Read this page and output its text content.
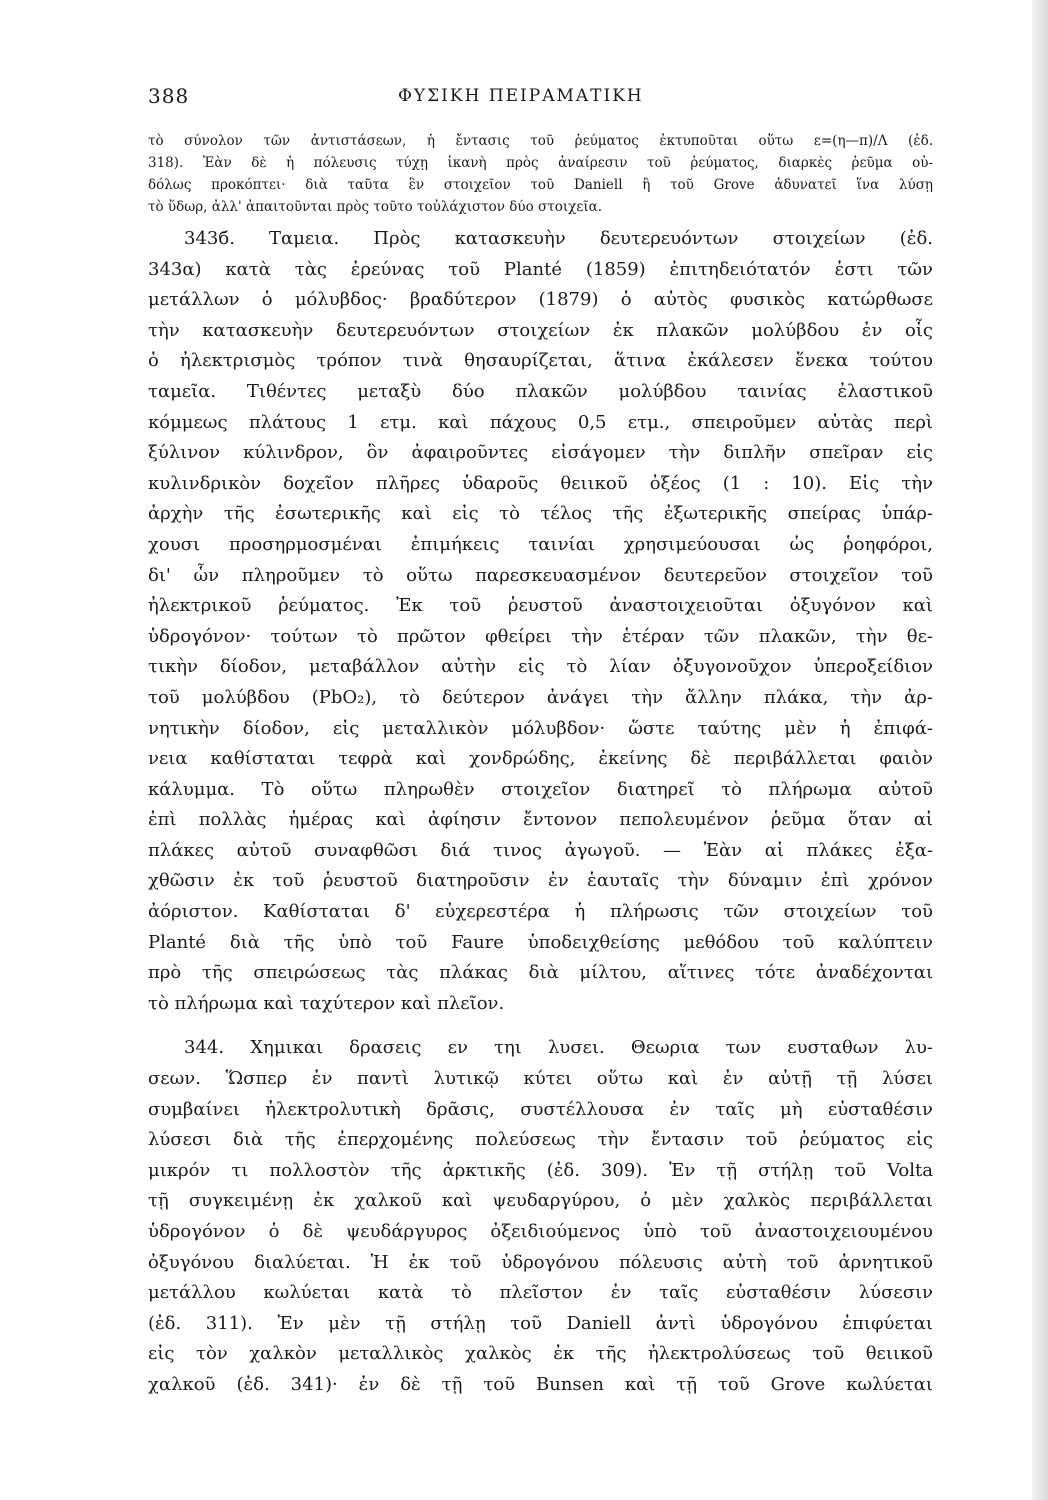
388	ΦΥΣΙΚΗ ΠΕΙΡΑΜΑΤΙΚΗ
τὸ σύνολον τῶν ἀντιστάσεων, ἡ ἔντασις τοῦ ῥεύματος ἐκτυποῦται οὕτω ε=(η—π)/Λ (ἐδ.
318). Ἐὰν δὲ ἡ πόλευσις τύχῃ ἱκανὴ πρὸς ἀναίρεσιν τοῦ ῥεύματος, διαρκὲς ῥεῦμα οὐ-
δόλως προκόπτει· διὰ ταῦτα ἓν στοιχεῖον τοῦ Daniell ἢ τοῦ Grove ἀδυνατεῖ ἵνα λύσῃ
τὸ ὕδωρ, ἀλλ' ἀπαιτοῦνται πρὸς τοῦτο τοὐλάχιστον δύο στοιχεῖα.
343б. Ταμεια. Πρὸς κατασκευὴν δευτερευόντων στοιχείων (ἐδ.
343α) κατὰ τὰς ἐρεύνας τοῦ Planté (1859) ἐπιτηδειότατόν ἐστι τῶν
μετάλλων ὁ μόλυβδος· βραδύτερον (1879) ὁ αὐτὸς φυσικὸς κατώρθωσε
τὴν κατασκευὴν δευτερευόντων στοιχείων ἐκ πλακῶν μολύβδου ἐν οἷς
ὁ ἠλεκτρισμὸς τρόπον τινὰ θησαυρίζεται, ἅτινα ἐκάλεσεν ἕνεκα τούτου
ταμεῖα. Τιθέντες μεταξὺ δύο πλακῶν μολύβδου ταινίας ἐλαστικοῦ
κόμμεως πλάτους 1 ετμ. καὶ πάχους 0,5 ετμ., σπειροῦμεν αὐτὰς περὶ
ξύλινον κύλινδρον, ὃν ἀφαιροῦντες εἰσάγομεν τὴν διπλῆν σπεῖραν εἰς
κυλινδρικὸν δοχεῖον πλῆρες ὑδαροῦς θειικοῦ ὀξέος (1 : 10). Εἰς τὴν
ἀρχὴν τῆς ἐσωτερικῆς καὶ εἰς τὸ τέλος τῆς ἐξωτερικῆς σπείρας ὑπάρ-
χουσι προσηρμοσμέναι ἐπιμήκεις ταινίαι χρησιμεύουσαι ὡς ῥοηφόροι,
δι' ὧν πληροῦμεν τὸ οὕτω παρεσκευασμένον δευτερεῦον στοιχεῖον τοῦ
ἠλεκτρικοῦ ῥεύματος. Ἐκ τοῦ ῥευστοῦ ἀναστοιχειοῦται ὀξυγόνον καὶ
ὑδρογόνον· τούτων τὸ πρῶτον φθείρει τὴν ἑτέραν τῶν πλακῶν, τὴν θε-
τικὴν δίοδον, μεταβάλλον αὐτὴν εἰς τὸ λίαν ὀξυγονοῦχον ὑπεροξείδιον
τοῦ μολύβδου (PbO₂), τὸ δεύτερον ἀνάγει τὴν ἄλλην πλάκα, τὴν ἀρ-
νητικὴν δίοδον, εἰς μεταλλικὸν μόλυβδον· ὥστε ταύτης μὲν ἡ ἐπιφά-
νεια καθίσταται τεφρὰ καὶ χονδρώδης, ἐκείνης δὲ περιβάλλεται φαιὸν
κάλυμμα. Τὸ οὕτω πληρωθὲν στοιχεῖον διατηρεῖ τὸ πλήρωμα αὐτοῦ
ἐπὶ πολλὰς ἡμέρας καὶ ἀφίησιν ἔντονον πεπολευμένον ῥεῦμα ὅταν αἱ
πλάκες αὐτοῦ συναφθῶσι διά τινος ἀγωγοῦ. — Ἐὰν αἱ πλάκες ἐξα-
χθῶσιν ἐκ τοῦ ῥευστοῦ διατηροῦσιν ἐν ἑαυταῖς τὴν δύναμιν ἐπὶ χρόνον
ἀόριστον. Καθίσταται δ' εὐχερεστέρα ἡ πλήρωσις τῶν στοιχείων τοῦ
Planté διὰ τῆς ὑπὸ τοῦ Faure ὑποδειχθείσης μεθόδου τοῦ καλύπτειν
πρὸ τῆς σπειρώσεως τὰς πλάκας διὰ μίλτου, αἵτινες τότε ἀναδέχονται
τὸ πλήρωμα καὶ ταχύτερον καὶ πλεῖον.
344. Χημικαι δρασεις εν τηι λυσει. Θεωρια των ευσταθων λυ-
σεων. Ὥσπερ ἐν παντὶ λυτικῷ κύτει οὕτω καὶ ἐν αὐτῇ τῇ λύσει
συμβαίνει ἠλεκτρολυτικὴ δρᾶσις, συστέλλουσα ἐν ταῖς μὴ εὐσταθέσιν
λύσεσι διὰ τῆς ἐπερχομένης πολεύσεως τὴν ἔντασιν τοῦ ῥεύματος εἰς
μικρόν τι πολλοστὸν τῆς ἀρκτικῆς (ἐδ. 309). Ἐν τῇ στήλῃ τοῦ Volta
τῇ συγκειμένῃ ἐκ χαλκοῦ καὶ ψευδαργύρου, ὁ μὲν χαλκὸς περιβάλλεται
ὑδρογόνον ὁ δὲ ψευδάργυρος ὀξειδιούμενος ὑπὸ τοῦ ἀναστοιχειουμένου
ὀξυγόνου διαλύεται. Ἡ ἐκ τοῦ ὑδρογόνου πόλευσις αὐτὴ τοῦ ἀρνητικοῦ
μετάλλου κωλύεται κατὰ τὸ πλεῖστον ἐν ταῖς εὐσταθέσιν λύσεσιν
(ἐδ. 311). Ἐν μὲν τῇ στήλῃ τοῦ Daniell ἀντὶ ὑδρογόνου ἐπιφύεται
εἰς τὸν χαλκὸν μεταλλικὸς χαλκὸς ἐκ τῆς ἠλεκτρολύσεως τοῦ θειικοῦ
χαλκοῦ (ἐδ. 341)· ἐν δὲ τῇ τοῦ Bunsen καὶ τῇ τοῦ Grove κωλύεται
